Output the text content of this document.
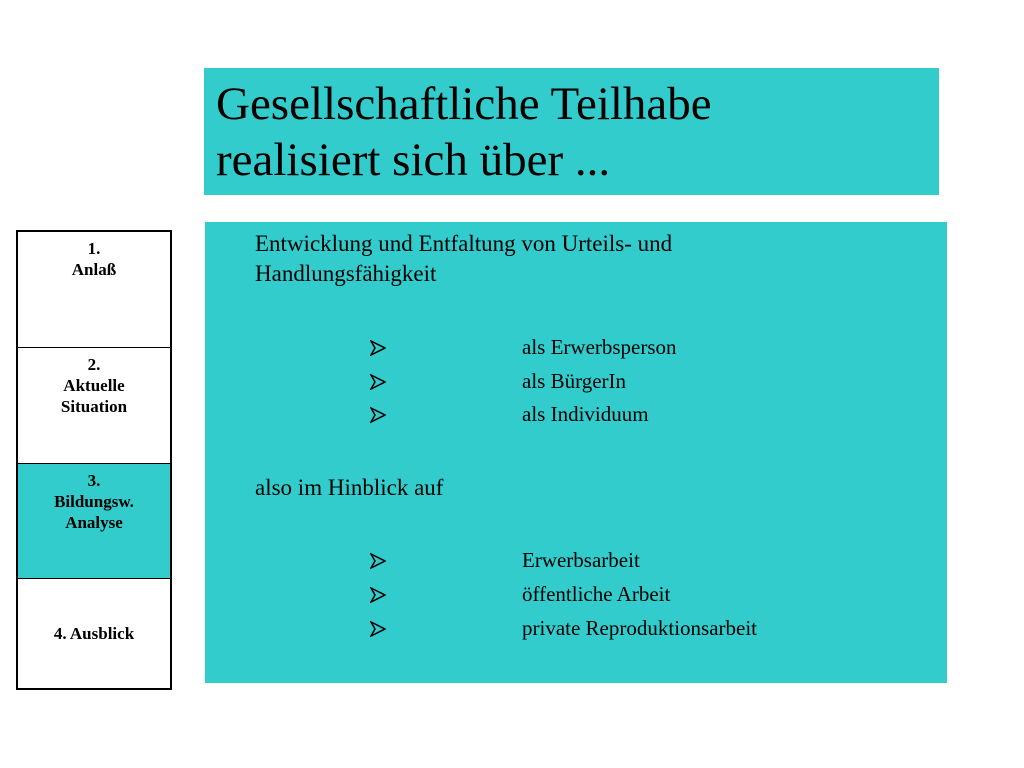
Gesellschaftliche Teilhabe
realisiert sich über ...
1.
Anlaß
2.
Aktuelle Situation
3.
Bildungsw. Analyse
4. Ausblick

Entwicklung und Entfaltung von Urteils- und
Handlungsfähigkeit

als Erwerbsperson
als BürgerIn
als Individuum

also im Hinblick auf

Erwerbsarbeit
öffentliche Arbeit
private Reproduktionsarbeit
